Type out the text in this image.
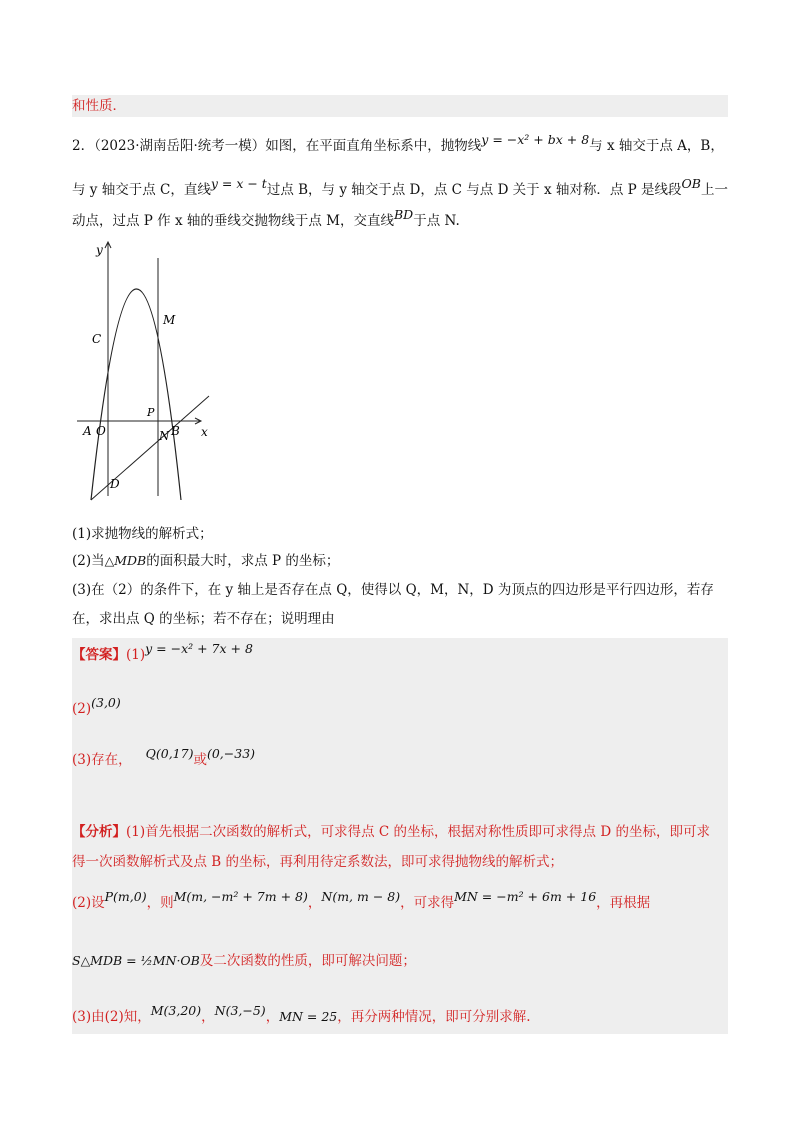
和性质．
2．（2023·湖南岳阳·统考一模）如图，在平面直角坐标系中，抛物线y = −x² + bx + 8与 x 轴交于点 A，B，
与 y 轴交于点 C，直线y = x − t过点 B，与 y 轴交于点 D，点 C 与点 D 关于 x 轴对称．点 P 是线段OB上一
动点，过点 P 作 x 轴的垂线交抛物线于点 M，交直线BD于点 N.
y
x
C
M
P
A O	N B
D
(1)求抛物线的解析式；
(2)当△MDB的面积最大时，求点 P 的坐标；
(3)在（2）的条件下，在 y 轴上是否存在点 Q，使得以 Q，M，N，D 为顶点的四边形是平行四边形，若存
在，求出点 Q 的坐标；若不存在；说明理由
【答案】(1)y = −x² + 7x + 8
(2)(3,0)
(3)存在， Q(0,17)或(0,−33)
【分析】(1)首先根据二次函数的解析式，可求得点 C 的坐标，根据对称性质即可求得点 D 的坐标，即可求
得一次函数解析式及点 B 的坐标，再利用待定系数法，即可求得抛物线的解析式；
(2)设P(m,0)，则M(m, −m² + 7m + 8)，N(m, m − 8)，可求得MN = −m² + 6m + 16，再根据
S△MDB = ½MN·OB及二次函数的性质，即可解决问题；
(3)由(2)知，M(3,20)，N(3,−5)，MN = 25，再分两种情况，即可分别求解.
